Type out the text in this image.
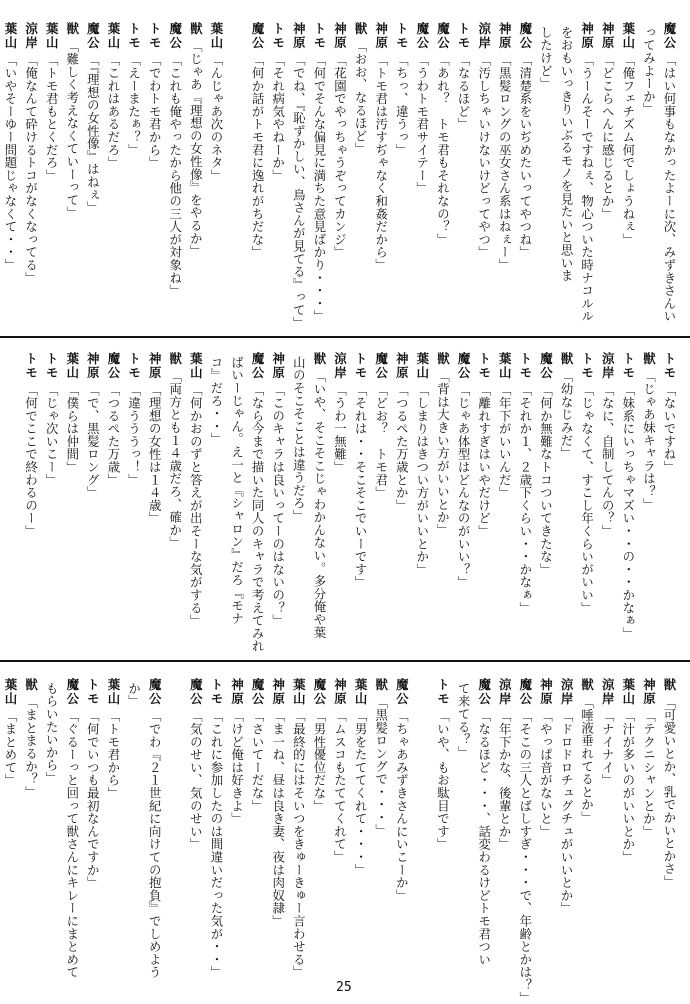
魔公「はい何事もなかったよーに次、みずきさんい
ってみよーか」
葉山「俺フェチズム何でしょうねぇ」
神原「どこらへんに感じるとか」
神原「うーんそーですねぇ、物心ついた時ナコルル
をおもいっきりいぶるモノを見たいと思いま
したけど」
魔公「清楚系をいぢめたいってやつね」
神原「黒髪ロングの巫女さん系はねぇー」
涼岸「汚しちゃいけないけどってやつ」
トモ「なるほど」
魔公「あれ？　トモ君もそれなの？」
魔公「うわトモ君サイテー」
トモ「ちっ、違うっ」
神原「トモ君は汚すぢゃなく和姦だから」
獣「おお、なるほど」
神原「花園でやっちゃうぞってカンジ」
トモ「何でそんな偏見に満ちた意見ばかり・・・」
神原「でね、『恥ずかしい、鳥さんが見てる』って」
トモ「それ病気やねーか」
魔公「何か話がトモ君に逸れがちだな」
葉山「んじゃあ次のネタ」
獣「じゃあ『理想の女性像』をやるか」
魔公「これも俺やったから他の三人が対象ね」
トモ「でわトモ君から」
トモ「えーまたぁ？」
葉山「これはあるだろ」
魔公「『理想の女性像』はねぇ」
獣「難しく考えなくていーって」
葉山「トモ君もとくだろ」
涼岸「俺なんて砕けるトコがなくなってる」
葉山「いやそーゆー問題じゃなくて・・」
トモ「ないですね」
獣「じゃあ妹キャラは？」
トモ「妹系にいっちゃマズい・・の・・かなぁ」
涼岸「なに、自制してんの？」
トモ「じゃなくて、すこし年くらいがいい」
獣「幼なじみだ」
魔公「何か無難なトコついてきたな」
トモ「それか１、２歳下くらい・・かなぁ」
葉山「年下がいいんだ」
トモ「離れすぎはいやだけど」
魔公「じゃあ体型はどんなのがいい？」
獣「背は大きい方がいいとか」
葉山「しまりはきつい方がいいとか」
神原「つるぺた万歳とか」
魔公「どお？　トモ君」
トモ「それは・・そこそこでいーです」
涼岸「うわ一無難」
獣「いや、そこそこじゃわかんない。多分俺や葉
山のそこそことは違うだろ」
神原「このキャラは良いってーのはないの？」
魔公「なら今まで描いた同人のキャラで考えてみれ
ばいーじゃん。え一と『シャロン』だろ『モナ
コ』だろ・・」
葉山「何かおのずと答えが出そーな気がする」
獣「両方とも１４歳だろ、確か」
神原「理想の女性は１４歳」
トモ「違うううっ！」
魔公「つるぺた万歳」
神原「で、黒髪ロング」
葉山「僕らは仲間」
トモ「じゃ次いこー」
トモ「何でここで終わるのー」
獣「可愛いとか、乳でかいとかさ」
神原「テクニシャンとか」
葉山「汁が多いのがいいとか」
涼岸「ナイナイ」
獣「唾液垂れてるとか」
涼岸「ドロドロチュグチュがいいとか」
神原「やっぱ音がないと」
魔公「そこの三人とばしすぎ・・・で、年齢とかは？」
涼岸「年下かな、後輩とか」
魔公「なるほど・・・、話変わるけどトモ君つい
て来てる？」
トモ「いや、もお駄目です」
魔公「ちゃあみずきさんにいこーか」
獣「黒髪ロングで・・・」
葉山「男をたててくれて・・・」
神原「ムスコもたててくれて」
魔公「男性優位だな」
葉山「最終的にはそいつをきゅーきゅー言わせる」
神原「ま一ね、昼は良き妻、夜は肉奴隷」
魔公「さいてーだな」
神原「けど俺は好きよ」
トモ「これに参加したのは間違いだった気が・・」
魔公「気のせい、気のせい」
魔公「でわ『２１世紀に向けての抱負』でしめよう
か」
葉山「トモ君から」
トモ「何でいつも最初なんですか」
魔公「ぐるーっと回って獣さんにキレーにまとめて
もらいたいから」
獣「まとまるか？」
葉山「まとめて」
25
